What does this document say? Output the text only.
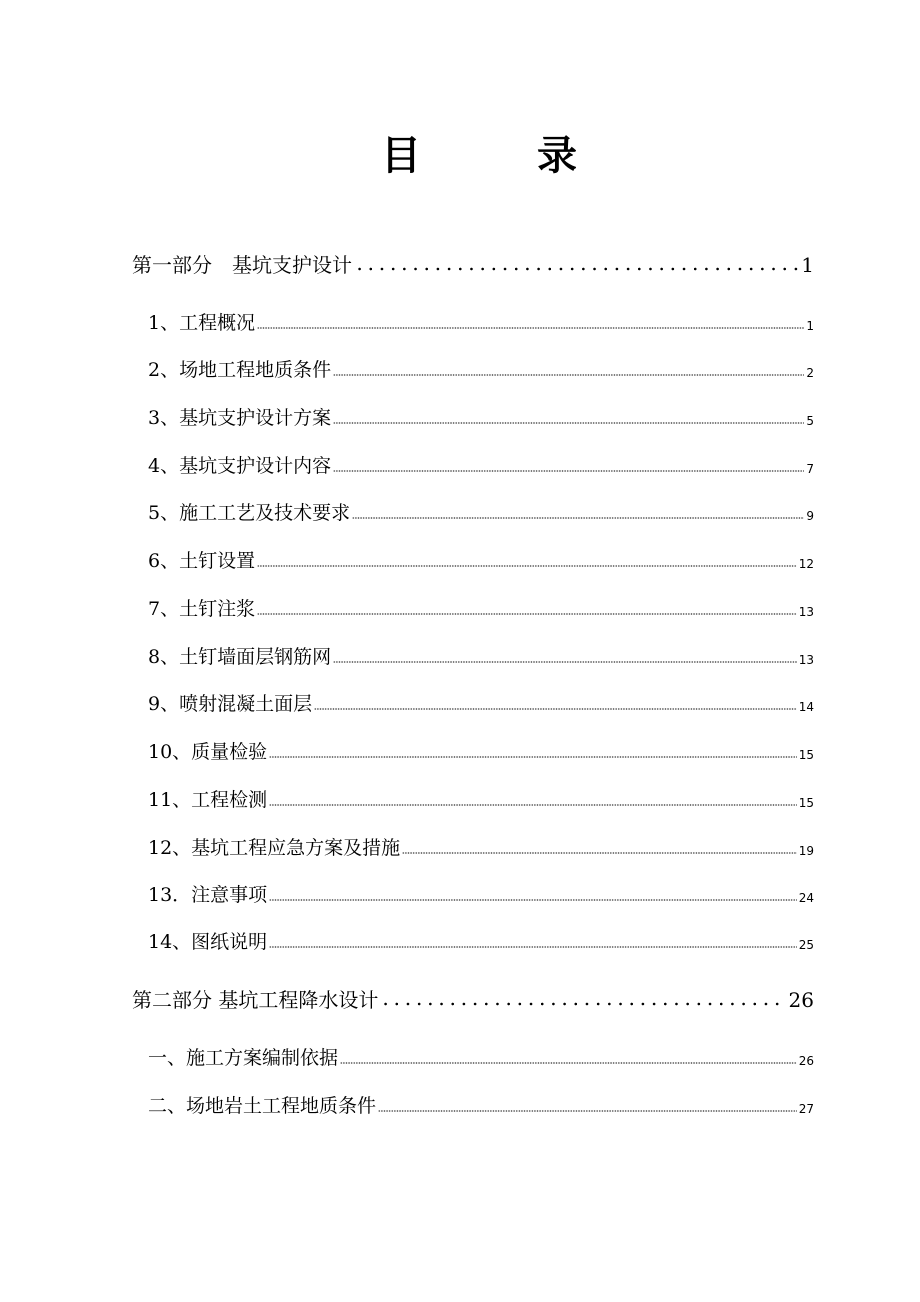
目　录
第一部分　基坑支护设计	1
1、工程概况	1
2、场地工程地质条件	2
3、基坑支护设计方案	5
4、基坑支护设计内容	7
5、施工工艺及技术要求	9
6、土钉设置	12
7、土钉注浆	13
8、土钉墙面层钢筋网	13
9、喷射混凝土面层	14
10、质量检验	15
11、工程检测	15
12、基坑工程应急方案及措施	19
13．注意事项	24
14、图纸说明	25
第二部分 基坑工程降水设计	26
一、施工方案编制依据	26
二、场地岩土工程地质条件	27
